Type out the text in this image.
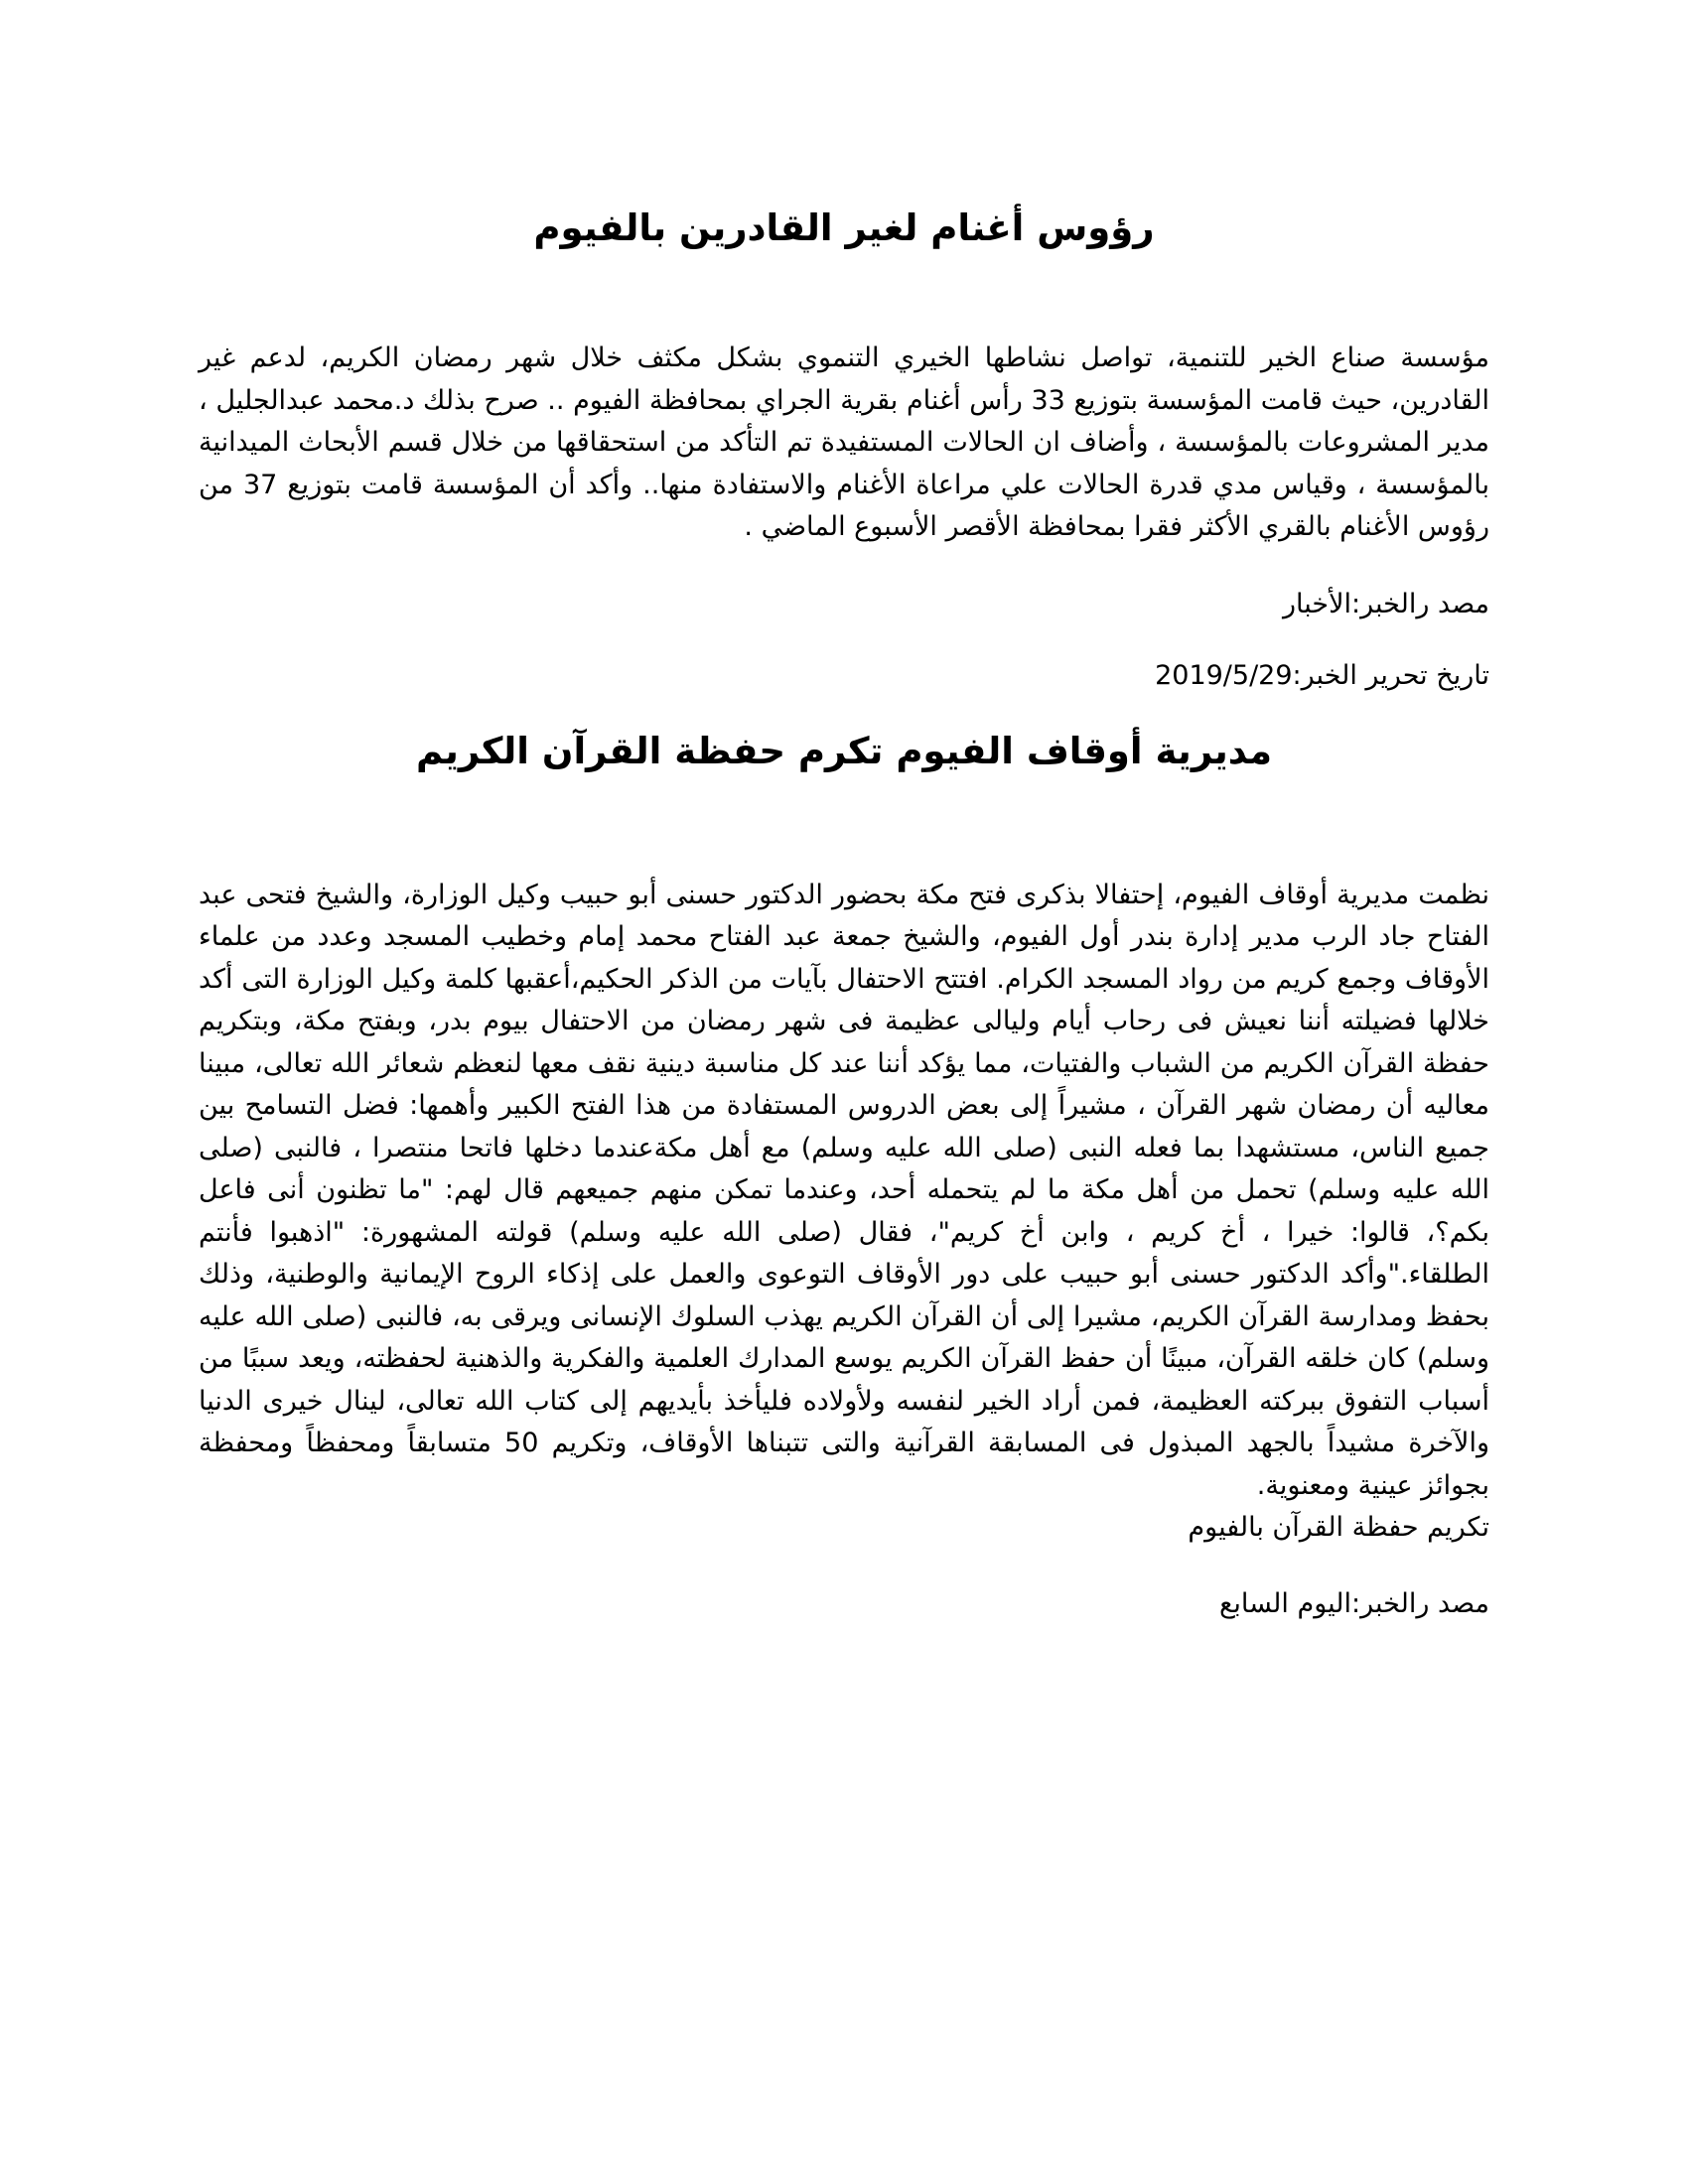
رؤوس أغنام لغير القادرين بالفيوم

مؤسسة صناع الخير للتنمية، تواصل نشاطها الخيري التنموي بشكل مكثف خلال شهر رمضان الكريم، لدعم غير القادرين، حيث قامت المؤسسة بتوزيع 33 رأس أغنام بقرية الجراي بمحافظة الفيوم .. صرح بذلك د.محمد عبدالجليل ، مدير المشروعات بالمؤسسة ، وأضاف ان الحالات المستفيدة تم التأكد من استحقاقها من خلال قسم الأبحاث الميدانية بالمؤسسة ، وقياس مدي قدرة الحالات علي مراعاة الأغنام والاستفادة منها.. وأكد أن المؤسسة قامت بتوزيع 37 من رؤوس الأغنام بالقري الأكثر فقرا بمحافظة الأقصر الأسبوع الماضي .

مصد رالخبر:الأخبار

تاريخ تحرير الخبر:2019/5/29

مديرية أوقاف الفيوم تكرم حفظة القرآن الكريم

نظمت مديرية أوقاف الفيوم، إحتفالا بذكرى فتح مكة بحضور الدكتور حسنى أبو حبيب وكيل الوزارة، والشيخ فتحى عبد الفتاح جاد الرب مدير إدارة بندر أول الفيوم، والشيخ جمعة عبد الفتاح محمد إمام وخطيب المسجد وعدد من علماء الأوقاف وجمع كريم من رواد المسجد الكرام. افتتح الاحتفال بآيات من الذكر الحكيم،أعقبها كلمة وكيل الوزارة التى أكد خلالها فضيلته أننا نعيش فى رحاب أيام وليالى عظيمة فى شهر رمضان من الاحتفال بيوم بدر، وبفتح مكة، وبتكريم حفظة القرآن الكريم من الشباب والفتيات، مما يؤكد أننا عند كل مناسبة دينية نقف معها لنعظم شعائر الله تعالى، مبينا معاليه أن رمضان شهر القرآن ، مشيراً إلى بعض الدروس المستفادة من هذا الفتح الكبير وأهمها: فضل التسامح بين جميع الناس، مستشهدا بما فعله النبى (صلى الله عليه وسلم) مع أهل مكةعندما دخلها فاتحا منتصرا ، فالنبى (صلى الله عليه وسلم) تحمل من أهل مكة ما لم يتحمله أحد، وعندما تمكن منهم جميعهم قال لهم: "ما تظنون أنى فاعل بكم؟، قالوا: خيرا ، أخ كريم ، وابن أخ كريم"، فقال (صلى الله عليه وسلم) قولته المشهورة: "اذهبوا فأنتم الطلقاء."وأكد الدكتور حسنى أبو حبيب على دور الأوقاف التوعوى والعمل على إذكاء الروح الإيمانية والوطنية، وذلك بحفظ ومدارسة القرآن الكريم، مشيرا إلى أن القرآن الكريم يهذب السلوك الإنسانى ويرقى به، فالنبى (صلى الله عليه وسلم) كان خلقه القرآن، مبينًا أن حفظ القرآن الكريم يوسع المدارك العلمية والفكرية والذهنية لحفظته، ويعد سببًا من أسباب التفوق ببركته العظيمة، فمن أراد الخير لنفسه ولأولاده فليأخذ بأيديهم إلى كتاب الله تعالى، لينال خيرى الدنيا والآخرة مشيداً بالجهد المبذول فى المسابقة القرآنية والتى تتبناها الأوقاف، وتكريم 50 متسابقاً ومحفظاً ومحفظة بجوائز عينية ومعنوية.

تكريم حفظة القرآن بالفيوم

مصد رالخبر:اليوم السابع
